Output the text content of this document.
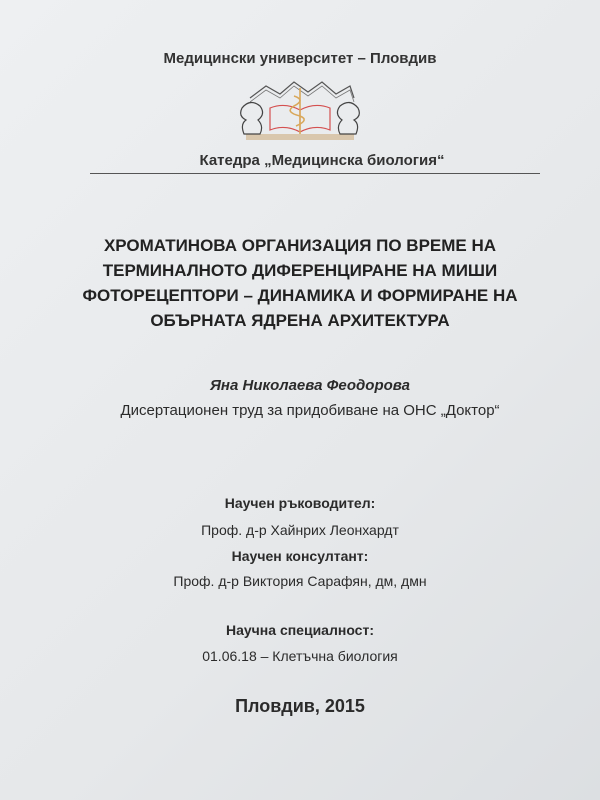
Медицински университет – Пловдив
Катедра „Медицинска биология“
ХРОМАТИНОВА ОРГАНИЗАЦИЯ ПО ВРЕМЕ НА
ТЕРМИНАЛНОТО ДИФЕРЕНЦИРАНЕ НА МИШИ
ФОТОРЕЦЕПТОРИ – ДИНАМИКА И ФОРМИРАНЕ НА
ОБЪРНАТА ЯДРЕНА АРХИТЕКТУРА
Яна Николаева Феодорова
Дисертационен труд за придобиване на ОНС „Доктор“
Научен ръководител:
Проф. д-р Хайнрих Леонхардт
Научен консултант:
Проф. д-р Виктория Сарафян, дм, дмн
Научна специалност:
01.06.18 – Клетъчна биология
Пловдив, 2015
